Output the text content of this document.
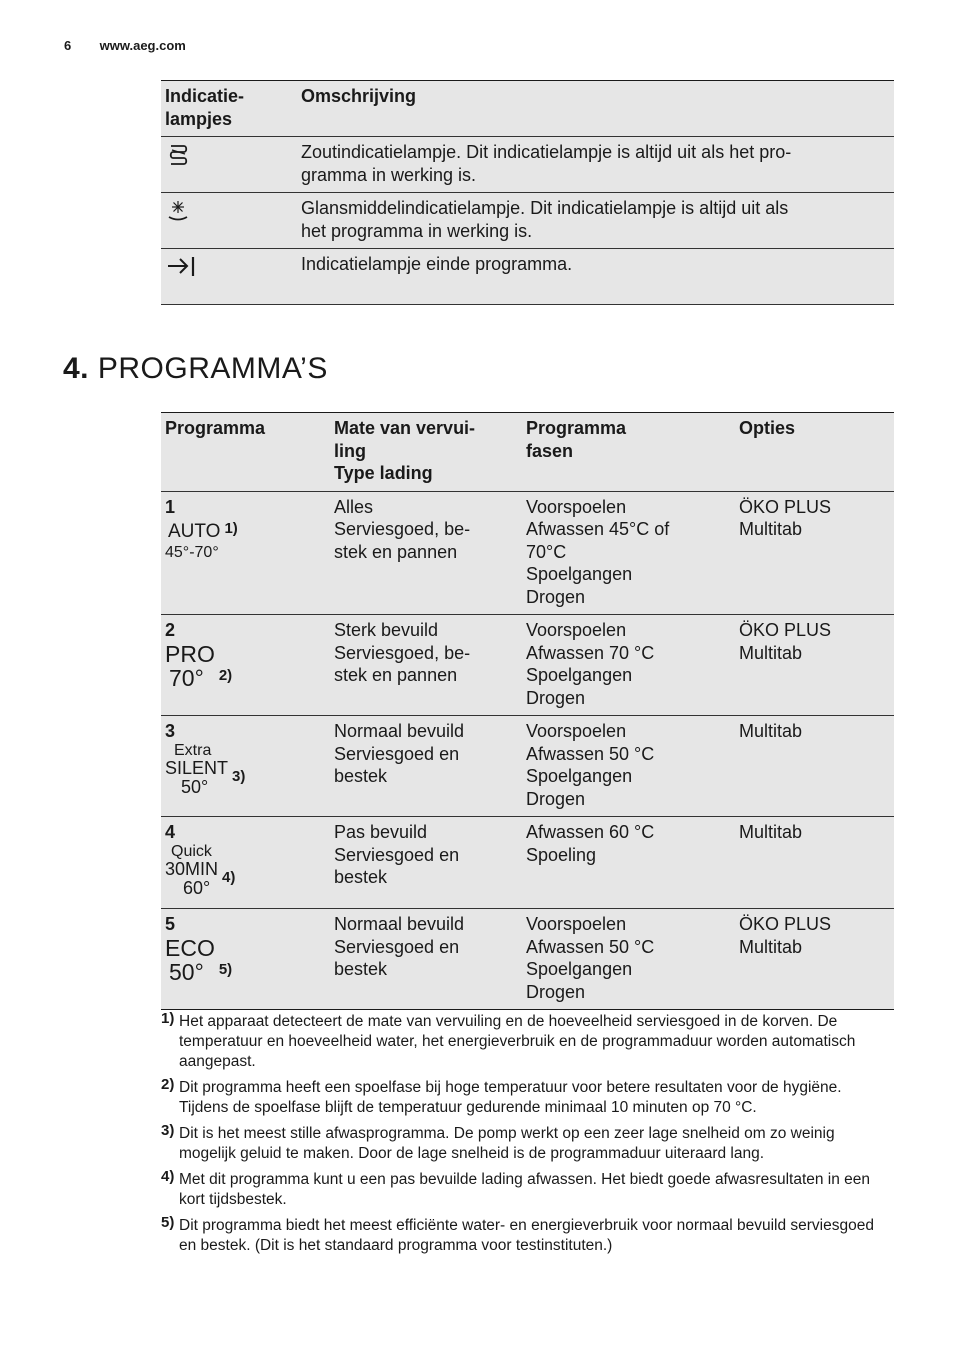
6 www.aeg.com
Indicatie-
lampjes	Omschrijving
	Zoutindicatielampje. Dit indicatielampje is altijd uit als het pro-
gramma in werking is.
	Glansmiddelindicatielampje. Dit indicatielampje is altijd uit als
het programma in werking is.
	Indicatielampje einde programma.
4. PROGRAMMA’S
Programma	Mate van vervui-
ling
Type lading	Programma
fasen	Opties

1
AUTO
45°-70°$^{1)}$	Alles
Serviesgoed, be-
stek en pannen	Voorspoelen
Afwassen 45°C of
70°C
Spoelgangen
Drogen	ÖKO PLUS
Multitab

2
PRO
70° $^{2)}$	Sterk bevuild
Serviesgoed, be-
stek en pannen	Voorspoelen
Afwassen 70 °C
Spoelgangen
Drogen	ÖKO PLUS
Multitab

3
Extra
SILENT
50°
$^{3)}$	Normaal bevuild
Serviesgoed en
bestek	Voorspoelen
Afwassen 50 °C
Spoelgangen
Drogen	Multitab

4
Quick
30MIN
60°
$^{4)}$	Pas bevuild
Serviesgoed en
bestek	Afwassen 60 °C
Spoeling	Multitab

5
ECO
50° $^{5)}$	Normaal bevuild
Serviesgoed en
bestek	Voorspoelen
Afwassen 50 °C
Spoelgangen
Drogen	ÖKO PLUS
Multitab
1) Het apparaat detecteert de mate van vervuiling en de hoeveelheid serviesgoed in de korven. De temperatuur en hoeveelheid water, het energieverbruik en de programmaduur worden automatisch aangepast.
2) Dit programma heeft een spoelfase bij hoge temperatuur voor betere resultaten voor de hygiëne. Tijdens de spoelfase blijft de temperatuur gedurende minimaal 10 minuten op 70 °C.
3) Dit is het meest stille afwasprogramma. De pomp werkt op een zeer lage snelheid om zo weinig mogelijk geluid te maken. Door de lage snelheid is de programmaduur uiteraard lang.
4) Met dit programma kunt u een pas bevuilde lading afwassen. Het biedt goede afwasresultaten in een kort tijdsbestek.
5) Dit programma biedt het meest efficiënte water- en energieverbruik voor normaal bevuild serviesgoed en bestek. (Dit is het standaard programma voor testinstituten.)
